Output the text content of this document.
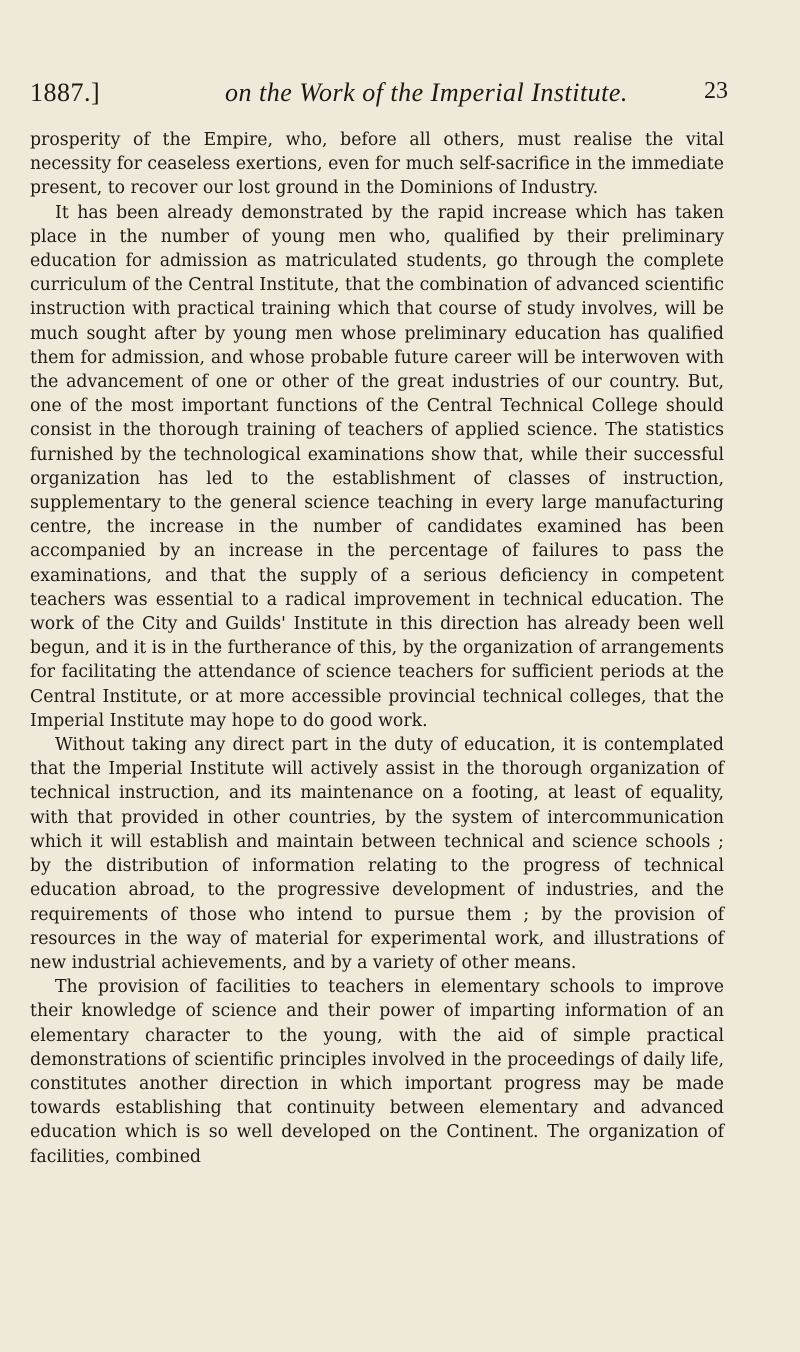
1887.]	on the Work of the Imperial Institute.	23

prosperity of the Empire, who, before all others, must realise the vital necessity for ceaseless exertions, even for much self-sacrifice in the immediate present, to recover our lost ground in the Dominions of Industry.

It has been already demonstrated by the rapid increase which has taken place in the number of young men who, qualified by their preliminary education for admission as matriculated students, go through the complete curriculum of the Central Institute, that the combination of advanced scientific instruction with practical training which that course of study involves, will be much sought after by young men whose preliminary education has qualified them for admission, and whose probable future career will be interwoven with the advancement of one or other of the great industries of our country. But, one of the most important functions of the Central Technical College should consist in the thorough training of teachers of applied science. The statistics furnished by the technological examinations show that, while their successful organization has led to the establishment of classes of instruction, supplementary to the general science teaching in every large manufacturing centre, the increase in the number of candidates examined has been accompanied by an increase in the percentage of failures to pass the examinations, and that the supply of a serious deficiency in competent teachers was essential to a radical improvement in technical education. The work of the City and Guilds' Institute in this direction has already been well begun, and it is in the furtherance of this, by the organization of arrangements for facilitating the attendance of science teachers for sufficient periods at the Central Institute, or at more accessible provincial technical colleges, that the Imperial Institute may hope to do good work.

Without taking any direct part in the duty of education, it is contemplated that the Imperial Institute will actively assist in the thorough organization of technical instruction, and its maintenance on a footing, at least of equality, with that provided in other countries, by the system of intercommunication which it will establish and maintain between technical and science schools ; by the distribution of information relating to the progress of technical education abroad, to the progressive development of industries, and the requirements of those who intend to pursue them ; by the provision of resources in the way of material for experimental work, and illustrations of new industrial achievements, and by a variety of other means.

The provision of facilities to teachers in elementary schools to improve their knowledge of science and their power of imparting information of an elementary character to the young, with the aid of simple practical demonstrations of scientific principles involved in the proceedings of daily life, constitutes another direction in which important progress may be made towards establishing that continuity between elementary and advanced education which is so well developed on the Continent. The organization of facilities, combined
